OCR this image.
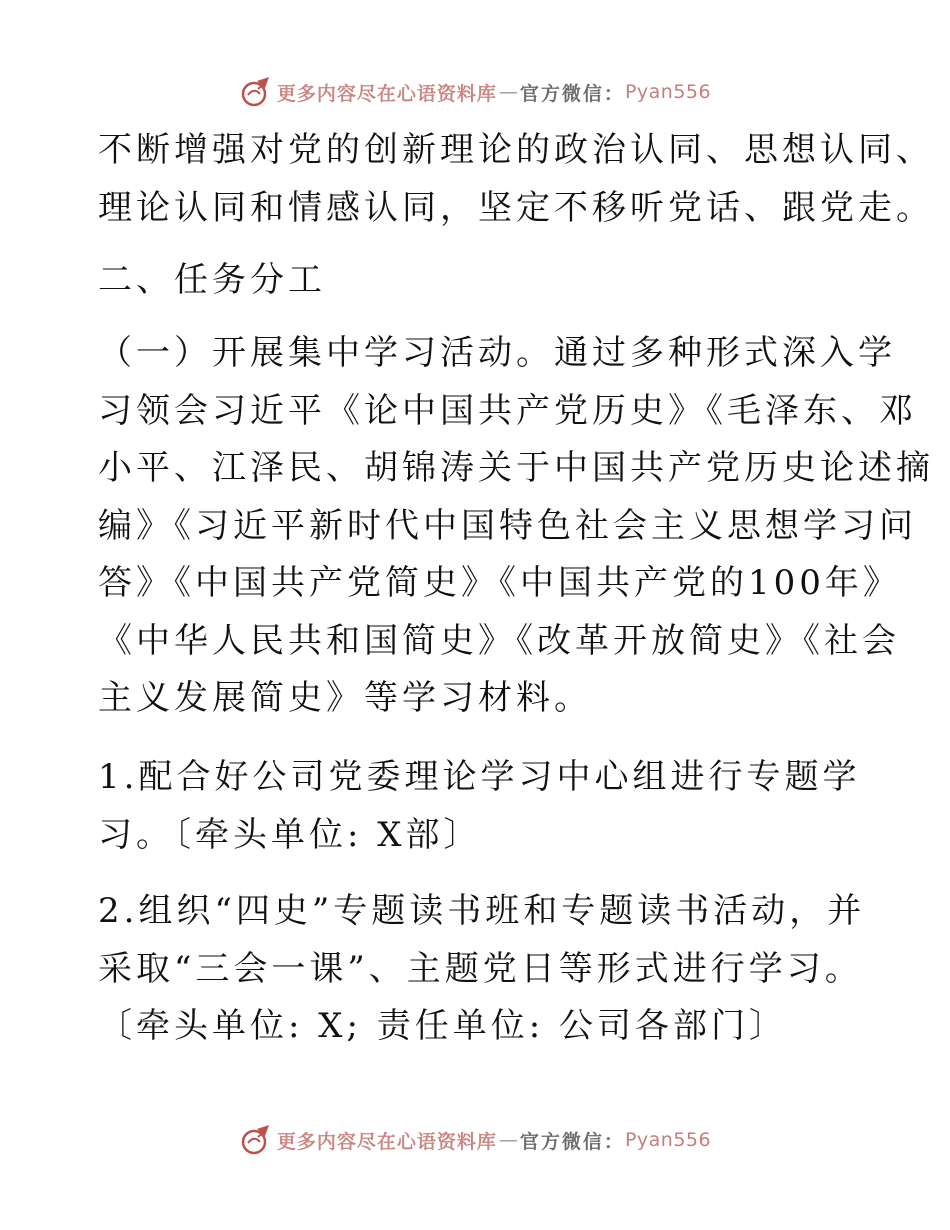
更多内容尽在心语资料库 — 官方微信： Pyan556

不断增强对党的创新理论的政治认同、思想认同、
理论认同和情感认同，坚定不移听党话、跟党走。

二、任务分工

（一）开展集中学习活动。通过多种形式深入学
习领会习近平《论中国共产党历史》《毛泽东、邓
小平、江泽民、胡锦涛关于中国共产党历史论述摘
编》《习近平新时代中国特色社会主义思想学习问
答》《中国共产党简史》《中国共产党的100年》
《中华人民共和国简史》《改革开放简史》《社会
主义发展简史》等学习材料。

1.配合好公司党委理论学习中心组进行专题学
习。〔牵头单位: X部〕

2.组织“四史”专题读书班和专题读书活动，并
采取“三会一课”、主题党日等形式进行学习。
〔牵头单位: X; 责任单位: 公司各部门〕

更多内容尽在心语资料库 — 官方微信： Pyan556
